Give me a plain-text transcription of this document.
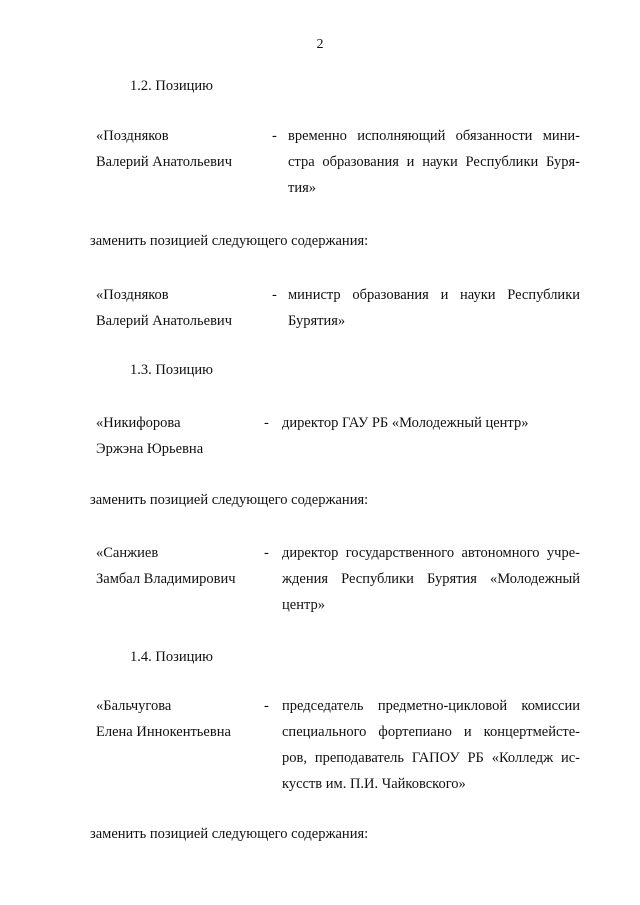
2
1.2. Позицию
«Поздняков
Валерий Анатольевич
- временно исполняющий обязанности мини-
стра образования и науки Республики Буря-
тия»
заменить позицией следующего содержания:
«Поздняков
Валерий Анатольевич
- министр образования и науки Республики
Бурятия»
1.3. Позицию
«Никифорова
Эржэна Юрьевна
- директор ГАУ РБ «Молодежный центр»
заменить позицией следующего содержания:
«Санжиев
Замбал Владимирович
- директор государственного автономного учре-
ждения Республики Бурятия «Молодежный
центр»
1.4. Позицию
«Бальчугова
Елена Иннокентьевна
- председатель предметно-цикловой комиссии
специального фортепиано и концертмейсте-
ров, преподаватель ГАПОУ РБ «Колледж ис-
кусств им. П.И. Чайковского»
заменить позицией следующего содержания:
